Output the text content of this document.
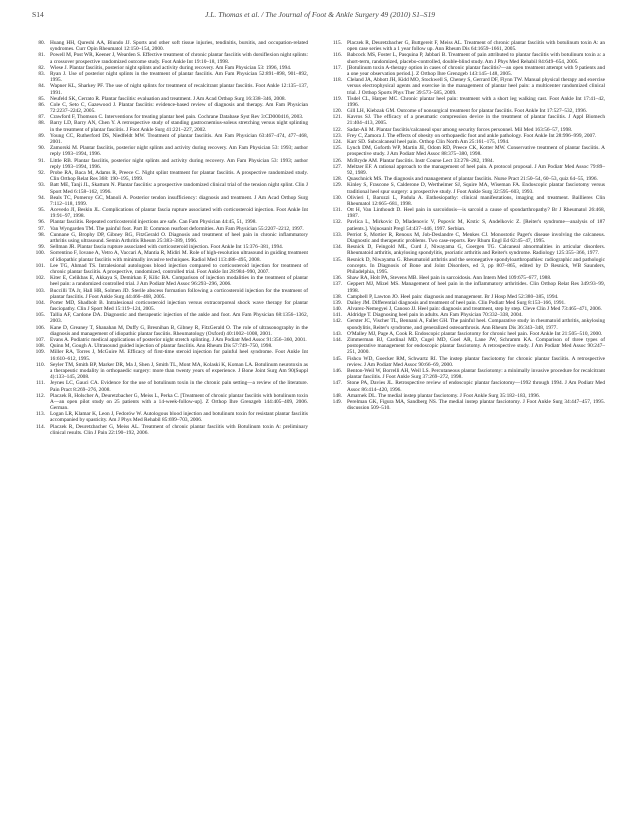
S14	J.L. Thomas et al. / The Journal of Foot & Ankle Surgery 49 (2010) S1–S19

80. Huang HH, Qureshi AA, Biundo JJ. Sports and other soft tissue injuries, tendinitis, bursitis, and occupation-related syndromes. Curr Opin Rheumatol 12:150–154, 2000.

81. Powell M, Post WR, Keener J, Wearden S. Effective treatment of chronic plantar fasciitis with dorsiflexion night splints: a crossover prospective randomized outcome study. Foot Ankle Int 19:10–18, 1998.

82. Wiese J. Plantar fasciitis, posterior night splints and activity during recovery. Am Fam Physician 53: 1996, 1994.

83. Ryan J. Use of posterior night splints in the treatment of plantar fasciitis. Am Fam Physician 52:891–898, 901–892, 1995.

84. Wapner KL, Sharkey PF. The use of night splints for treatment of recalcitrant plantar fasciitis. Foot Ankle 12:135–137, 1991.

85. Neufeld SK, Cerrato R. Plantar fasciitis: evaluation and treatment. J Am Acad Orthop Surg 16:338–346, 2008.

86. Cole C, Seto C, Gazewood J. Plantar fasciitis: evidence-based review of diagnosis and therapy. Am Fam Physician 72:2237–2242, 2005.

87. Crawford F, Thomson C. Interventions for treating plantar heel pain. Cochrane Database Syst Rev 3:CD000416, 2003.

88. Barry LD, Barry AN, Chen Y. A retrospective study of standing gastrocnemius-soleus stretching versus night splinting in the treatment of plantar fasciitis. J Foot Ankle Surg 41:221–227, 2002.

89. Young CC, Rutherford DS, Niedfeldt MW. Treatment of plantar fasciitis. Am Fam Physician 63:467–474, 477–468, 2001.

90. Zamorski M. Plantar fasciitis, posterior night splints and activity during recovery. Am Fam Physician 53: 1993; author reply 1993–1994, 1996.

91. Little RB. Plantar fasciitis, posterior night splints and activity during recovery. Am Fam Physician 53: 1993; author reply 1993–1994, 1996.

92. Probe RA, Baca M, Adams R, Preece C. Night splint treatment for plantar fasciitis. A prospective randomized study. Clin Orthop Relat Res 368: 190–195, 1999.

93. Batt ME, Tanji JL, Skattum N. Plantar fasciitis: a prospective randomized clinical trial of the tension night splint. Clin J Sport Med 6:158–162, 1996.

94. Beals TC, Pomeroy GC, Manoli A. Posterior tendon insufficiency: diagnosis and treatment. J Am Acad Orthop Surg 7:112–118, 1999.

95. Acevedo JI, Beskin JL. Complications of plantar fascia rupture associated with corticosteroid injection. Foot Ankle Int 19:91–97, 1998.

96. Plantar fasciitis. Repeated corticosteroid injections are safe. Can Fam Physician 44:45, 51, 1998.

97. Van Wyngarden TM. The painful foot. Part II: Common rearfoot deformities. Am Fam Physician 55:2207–2212, 1997.

98. Cunnane G, Brophy DP, Gibney RG, FitzGerald O. Diagnosis and treatment of heel pain in chronic inflammatory arthritis using ultrasound. Semin Arthritis Rheum 25:383–389, 1996.

99. Sellman JR. Plantar fascia rupture associated with corticosteroid injection. Foot Ankle Int 15:376–381, 1994.

100. Sorrentino F, Iovane A, Vetro A, Vaccari A, Mantia R, Midiri M. Role of high-resolution ultrasound in guiding treatment of idiopathic plantar fasciitis with minimally invasive techniques. Radiol Med 113:486–495, 2008.

101. Lee TG, Ahmad TS. Intralesional autologous blood injection compared to corticosteroid injection for treatment of chronic plantar fasciitis. A prospective, randomized, controlled trial. Foot Ankle Int 28:984–990, 2007.

102. Kiter E, Celikbas E, Akkaya S, Demirkan F, Kilic BA. Comparison of injection modalities in the treatment of plantar heel pain: a randomized controlled trial. J Am Podiatr Med Assoc 96:293–296, 2006.

103. Buccilli TA Jr, Hall HR, Solmen JD. Sterile abscess formation following a corticosteroid injection for the treatment of plantar fasciitis. J Foot Ankle Surg 44:466–468, 2005.

104. Porter MD, Shadbolt B. Intralesional corticosteroid injection versus extracorporeal shock wave therapy for plantar fasciopathy. Clin J Sport Med 15:119–124, 2005.

105. Tallia AF, Cardone DA. Diagnostic and therapeutic injection of the ankle and foot. Am Fam Physician 68:1356–1362, 2003.

106. Kane D, Greaney T, Shanahan M, Duffy G, Bresnihan B, Gibney R, FitzGerald O. The role of ultrasonography in the diagnosis and management of idiopathic plantar fasciitis. Rheumatology (Oxford) 40:1002–1008, 2001.

107. Evans A. Podiatric medical applications of posterior night stretch splinting. J Am Podiatr Med Assoc 91:356–360, 2001.

108. Quinn M, Gough A. Ultrasound guided injection of plantar fasciitis. Ann Rheum Dis 57:749–750, 1998.

109. Miller RA, Torres J, McGuire M. Efficacy of first-time steroid injection for painful heel syndrome. Foot Ankle Int 16:610–612, 1995.

110. Seyler TM, Smith BP, Marker DR, Ma J, Shen J, Smith TL, Mont MA, Kolaski K, Koman LA. Botulinum neurotoxin as a therapeutic modality in orthopaedic surgery: more than twenty years of experience. J Bone Joint Surg Am 90(Suppl 4):133–145, 2008.

111. Jeynes LC, Gauci CA. Evidence for the use of botulinum toxin in the chronic pain setting—a review of the literature. Pain Pract 8:269–276, 2008.

112. Placzek R, Holscher A, Deuretzbacher G, Meiss L, Perka C. [Treatment of chronic plantar fasciitis with botulinum toxin A—an open pilot study on 25 patients with a 14-week-follow-up]. Z Orthop Ihre Grenzgeb 144:405–409, 2006. German.

113. Logan LR, Klamar K, Leon J, Fedorów W. Autologous blood injection and botulinum toxin for resistant plantar fasciitis accompanied by spasticity. Am J Phys Med Rehabil 85:699–703, 2006.

114. Placzek R, Deuretzbacher G, Meiss AL. Treatment of chronic plantar fasciitis with Botulinum toxin A: preliminary clinical results. Clin J Pain 22:190–192, 2006.

115. Placzek R, Deuretzbacher G, Buttgereit F, Meiss AL. Treatment of chronic plantar fasciitis with botulinum toxin A: an open case series with a 1 year follow up. Ann Rheum Dis 64:1659–1661, 2005.

116. Babcock MS, Foster L, Pasquina P, Jabbari B. Treatment of pain attributed to plantar fasciitis with botulinum toxin a: a short-term, randomized, placebo-controlled, double-blind study. Am J Phys Med Rehabil 84:649–654, 2005.

117. [Botulinum toxin A-therapy option in cases of chronic plantar fasciitis?—an open treatment attempt with 9 patients and a one year observation period.]. Z Orthop Ihre Grenzgeb 143:145–148, 2005.

118. Cleland JA, Abbott JH, Kidd MO, Stockwell S, Cheney S, Gerrard DF, Flynn TW. Manual physical therapy and exercise versus electrophysical agents and exercise in the management of plantar heel pain: a multicenter randomized clinical trial. J Orthop Sports Phys Ther 39:573–585, 2009.

119. Tisdel CL, Harper MC. Chronic plantar heel pain: treatment with a short leg walking cast. Foot Ankle Int 17:41–42, 1996.

120. Gill LH, Kiebzak GM. Outcome of nonsurgical treatment for plantar fasciitis. Foot Ankle Int 17:527–532, 1996.

121. Kavros SJ. The efficacy of a pneumatic compression device in the treatment of plantar fasciitis. J Appl Biomech 21:404–413, 2005.

122. Sadat-Ali M. Plantar fasciitis/calcaneal spur among security forces personnel. Mil Med 163:56–57, 1998.

123. Frey C, Zamora J. The effects of obesity on orthopaedic foot and ankle pathology. Foot Ankle Int 28:996–999, 2007.

124. Karr SD. Subcalcaneal heel pain. Orthop Clin North Am 25:161–175, 1994.

125. Lynch DM, Goforth WP, Martin JE, Odom RD, Preece CK, Kotter MW. Conservative treatment of plantar fasciitis. A prospective study. J Am Podiatr Med Assoc 88:375–380, 1998.

126. McBryde AM. Plantar fasciitis. Instr Course Lect 33:278–282, 1984.

127. Meltzer EF. A rational approach to the management of heel pain. A protocol proposal. J Am Podiatr Med Assoc 79:89–92, 1989.

128. Quaschnick MS. The diagnosis and management of plantar fasciitis. Nurse Pract 21:50–54, 60–53, quiz 64–55, 1996.

129. Kinley S, Frascone S, Calderone D, Wertheimer SJ, Squire MA, Wiseman FA. Endoscopic plantar fasciotomy versus traditional heel spur surgery: a prospective study. J Foot Ankle Surg 32:595–603, 1993.

130. Olivieri I, Barozzi L, Padula A. Enthesiopathy: clinical manifestations, imaging and treatment. Baillieres Clin Rheumatol 12:665–681, 1998.

131. Ott H, Van Linthoudt D. Heel pain in sarcoidosis—is sarcoid a cause of spondarthropathy? Br J Rheumatol 26:468, 1987.

132. Pavlica L, Mirkovic D, Mladenovic V, Popovic M, Krstic S, Andelkovic Z. [Reiter's syndrome—analysis of 187 patients.]. Vojnosanit Pregl 54:437–446, 1997. Serbian.

133. Perriot S, Mortier R, Renoux M, Job-Deslandre C, Menkes CJ. Monostotic Paget's disease involving the calcaneus. Diagnostic and therapeutic problems. Two case-reports. Rev Rhum Engl Ed 62:45–47, 1995.

134. Resnick D, Feingold ML, Curd J, Niwayama G, Goergen TG. Calcaneal abnormalities in articular disorders. Rheumatoid arthritis, ankylosing spondylitis, psoriatic arthritis and Reiter's syndrome. Radiology 125:355–366, 1977.

135. Resnick D, Niwayama G. Rheumatoid arthritis and the seronegative spondyloarthropathies: radiographic and pathologic concepts. In Diagnosis of Bone and Joint Disorders, ed 3, pp 807–865, edited by D Resnick, WB Saunders, Philadelphia, 1995.

136. Shaw RA, Holt PA, Stevens MB. Heel pain in sarcoidosis. Ann Intern Med 109:675–677, 1988.

137. Geppert MJ, Mizel MS. Management of heel pain in the inflammatory arthritides. Clin Orthop Relat Res 349:93–99, 1998.

138. Campbell P, Lawton JO. Heel pain: diagnosis and management. Br J Hosp Med 52:380–385, 1994.

139. Dailey JM. Differential diagnosis and treatment of heel pain. Clin Podiatr Med Surg 8:153–166, 1991.

140. Alvarez-Nemegyei J, Canoso JJ. Heel pain: diagnosis and treatment, step by step. Cleve Clin J Med 73:465–471, 2006.

141. Aldridge T. Diagnosing heel pain in adults. Am Fam Physician 70:332–338, 2004.

142. Gerster JC, Vischer TL, Bennani A, Fallet GH. The painful heel. Comparative study in rheumatoid arthritis, ankylosing spondylitis, Reiter's syndrome, and generalized osteoarthrosis. Ann Rheum Dis 36:343–348, 1977.

143. O'Malley MJ, Page A, Cook R. Endoscopic plantar fasciotomy for chronic heel pain. Foot Ankle Int 21:505–510, 2000.

144. Zimmerman BJ, Cardinal MD, Cugel MD, Goel AR, Lane JW, Schramm KA. Comparison of three types of postoperative management for endoscopic plantar fasciotomy. A retrospective study. J Am Podiatr Med Assoc 90:247–251, 2000.

145. Fishco WD, Goecker RM, Schwartz RI. The instep plantar fasciotomy for chronic plantar fasciitis. A retrospective review. J Am Podiatr Med Assoc 90:66–69, 2000.

146. Benton-Weil W, Borrelli AH, Weil LS. Percutaneous plantar fasciotomy: a minimally invasive procedure for recalcitrant plantar fasciitis. J Foot Ankle Surg 37:269–272, 1998.

147. Stone PA, Davies JL. Retrospective review of endoscopic plantar fasciotomy—1992 through 1994. J Am Podiatr Med Assoc 86:414–420, 1996.

148. Amarnek DL. The medial instep plantar fasciotomy. J Foot Ankle Surg 35:182–183, 1996.

149. Perelman GK, Figura MA, Sandberg NS. The medial instep plantar fasciotomy. J Foot Ankle Surg 34:447–457, 1995. discussion 509–510.
